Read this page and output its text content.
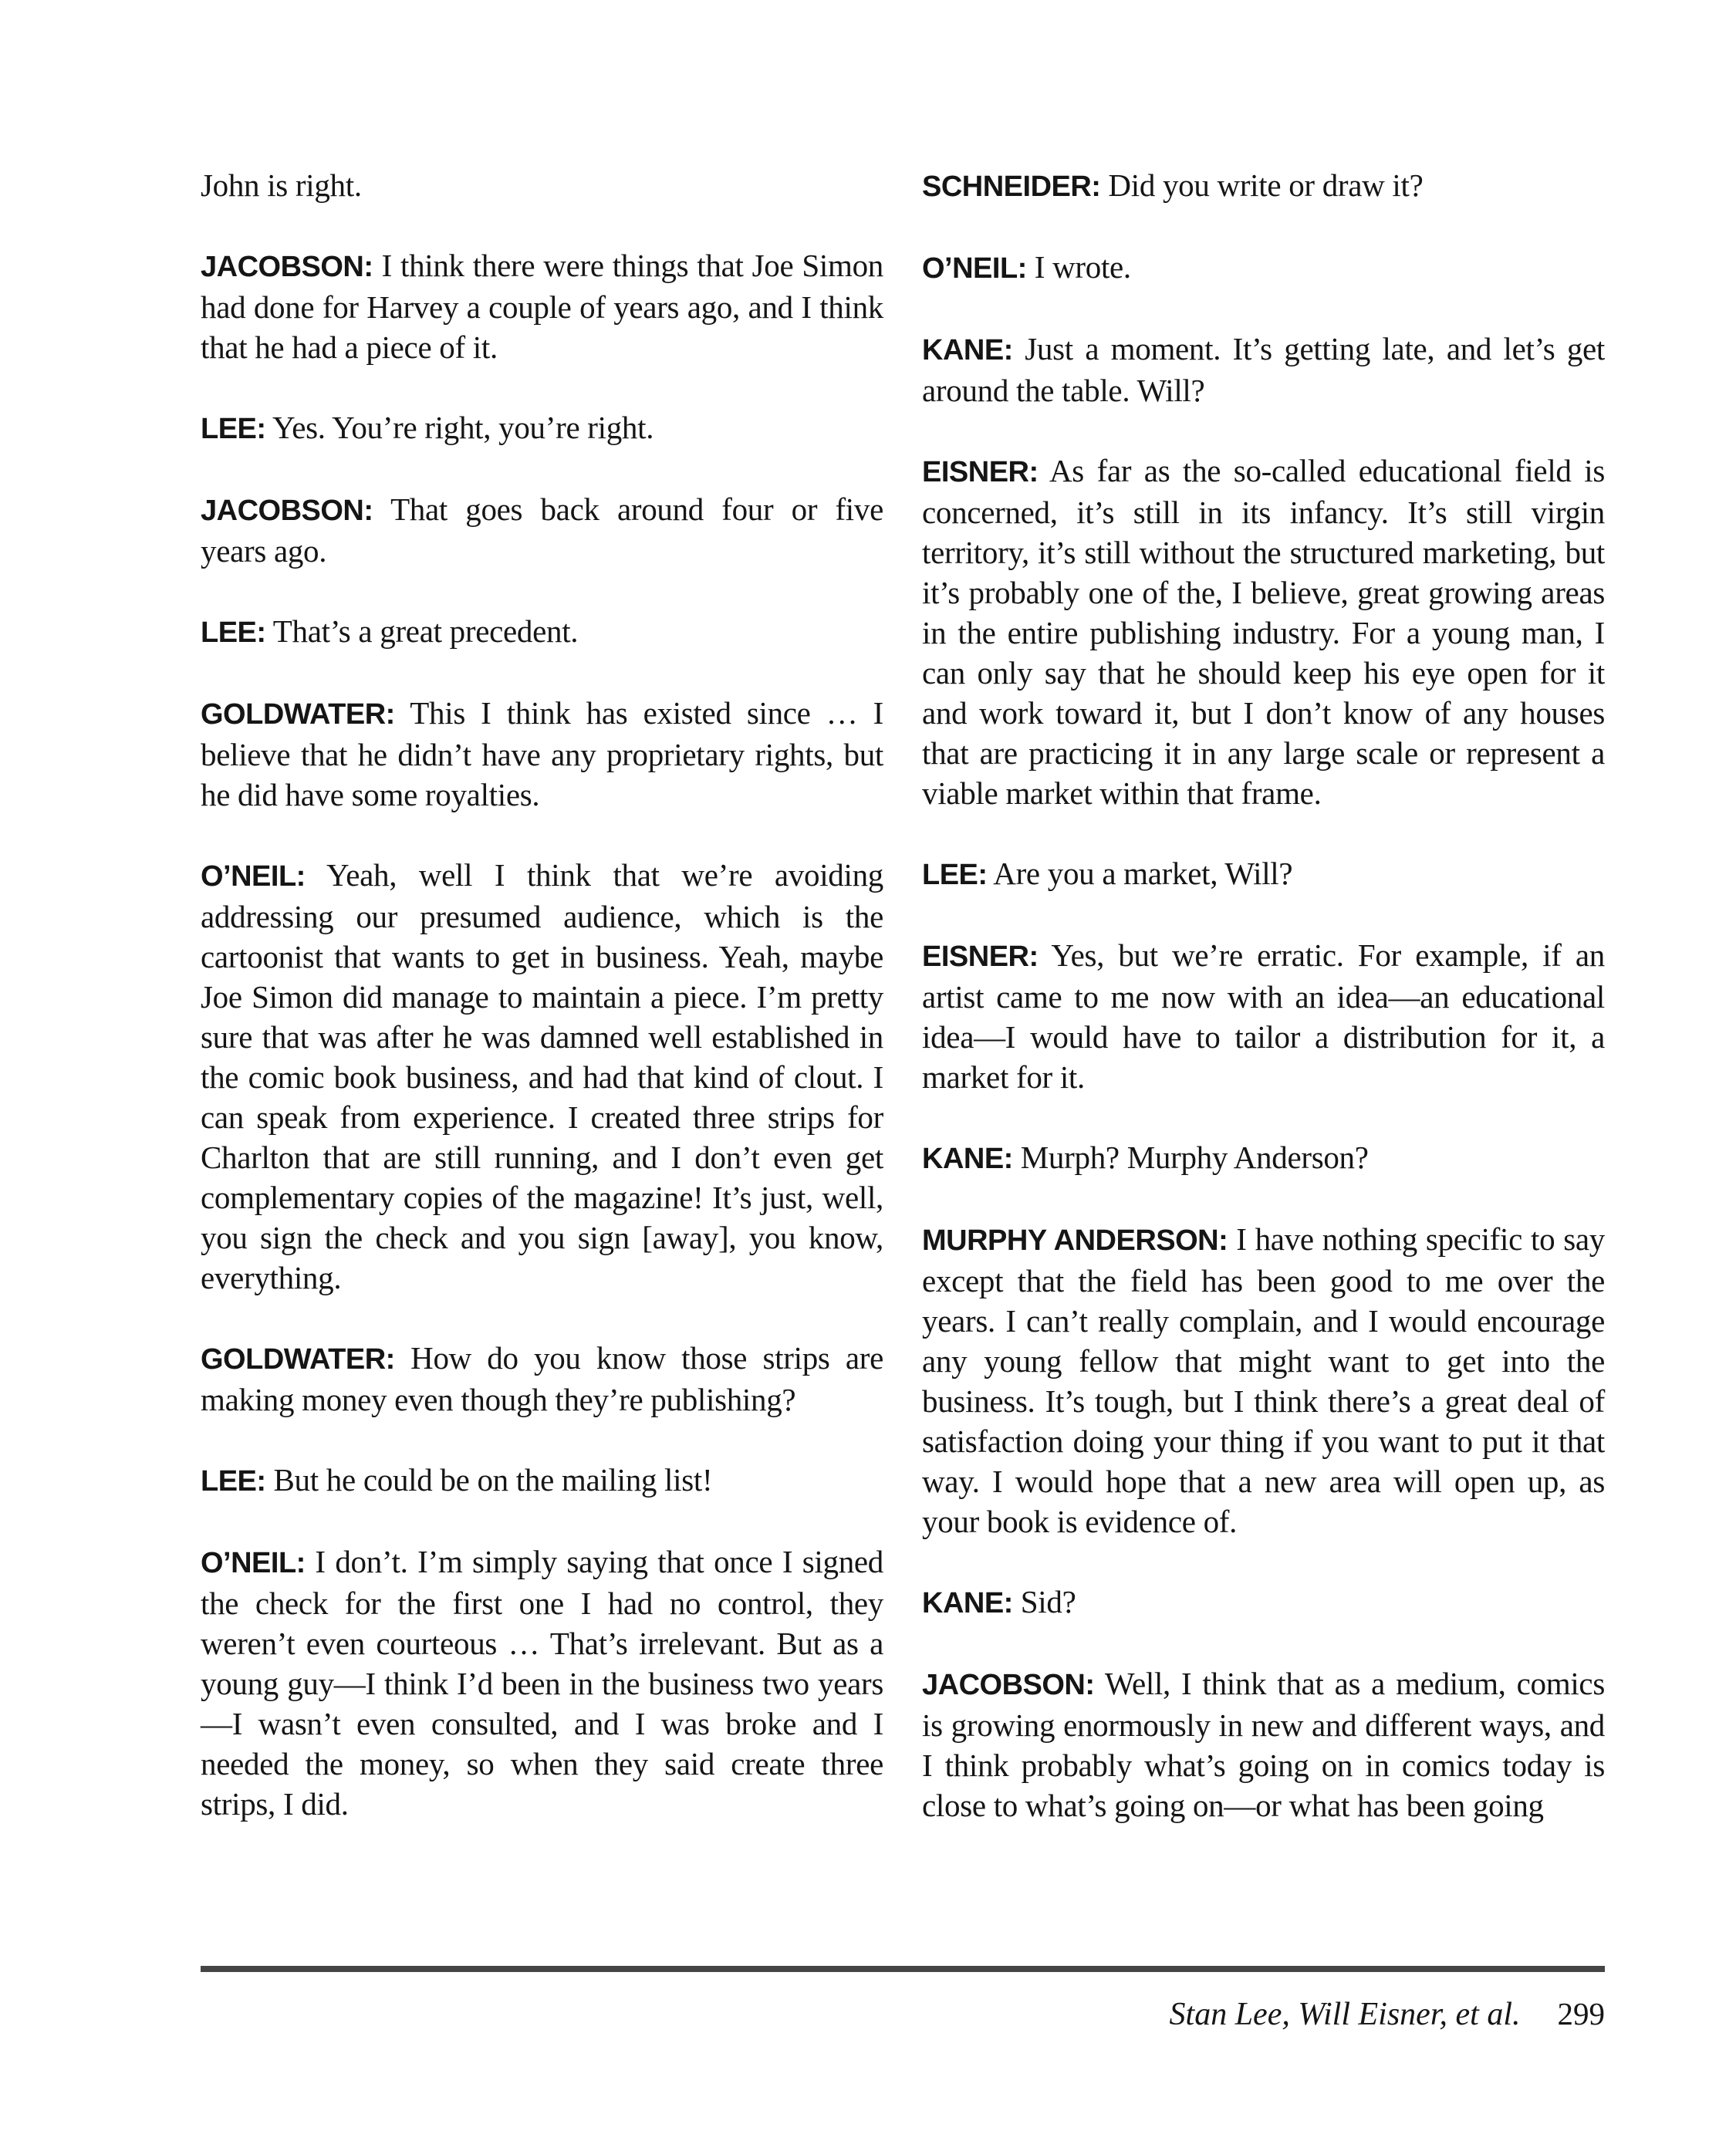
John is right.

JACOBSON: I think there were things that Joe Simon had done for Harvey a couple of years ago, and I think that he had a piece of it.

LEE: Yes. You’re right, you’re right.

JACOBSON: That goes back around four or five years ago.

LEE: That’s a great precedent.

GOLDWATER: This I think has existed since … I believe that he didn’t have any proprietary rights, but he did have some royalties.

O’NEIL: Yeah, well I think that we’re avoiding addressing our presumed audience, which is the cartoonist that wants to get in business. Yeah, maybe Joe Simon did manage to maintain a piece. I’m pretty sure that was after he was damned well established in the comic book business, and had that kind of clout. I can speak from experience. I created three strips for Charlton that are still running, and I don’t even get complementary copies of the magazine! It’s just, well, you sign the check and you sign [away], you know, everything.

GOLDWATER: How do you know those strips are making money even though they’re publishing?

LEE: But he could be on the mailing list!

O’NEIL: I don’t. I’m simply saying that once I signed the check for the first one I had no control, they weren’t even courteous … That’s irrelevant. But as a young guy—I think I’d been in the business two years—I wasn’t even consulted, and I was broke and I needed the money, so when they said create three strips, I did.

SCHNEIDER: Did you write or draw it?

O’NEIL: I wrote.

KANE: Just a moment. It’s getting late, and let’s get around the table. Will?

EISNER: As far as the so-called educational field is concerned, it’s still in its infancy. It’s still virgin territory, it’s still without the structured marketing, but it’s probably one of the, I believe, great growing areas in the entire publishing industry. For a young man, I can only say that he should keep his eye open for it and work toward it, but I don’t know of any houses that are practicing it in any large scale or represent a viable market within that frame.

LEE: Are you a market, Will?

EISNER: Yes, but we’re erratic. For example, if an artist came to me now with an idea—an educational idea—I would have to tailor a distribution for it, a market for it.

KANE: Murph? Murphy Anderson?

MURPHY ANDERSON: I have nothing specific to say except that the field has been good to me over the years. I can’t really complain, and I would encourage any young fellow that might want to get into the business. It’s tough, but I think there’s a great deal of satisfaction doing your thing if you want to put it that way. I would hope that a new area will open up, as your book is evidence of.

KANE: Sid?

JACOBSON: Well, I think that as a medium, comics is growing enormously in new and different ways, and I think probably what’s going on in comics today is close to what’s going on—or what has been going

Stan Lee, Will Eisner, et al. 299
